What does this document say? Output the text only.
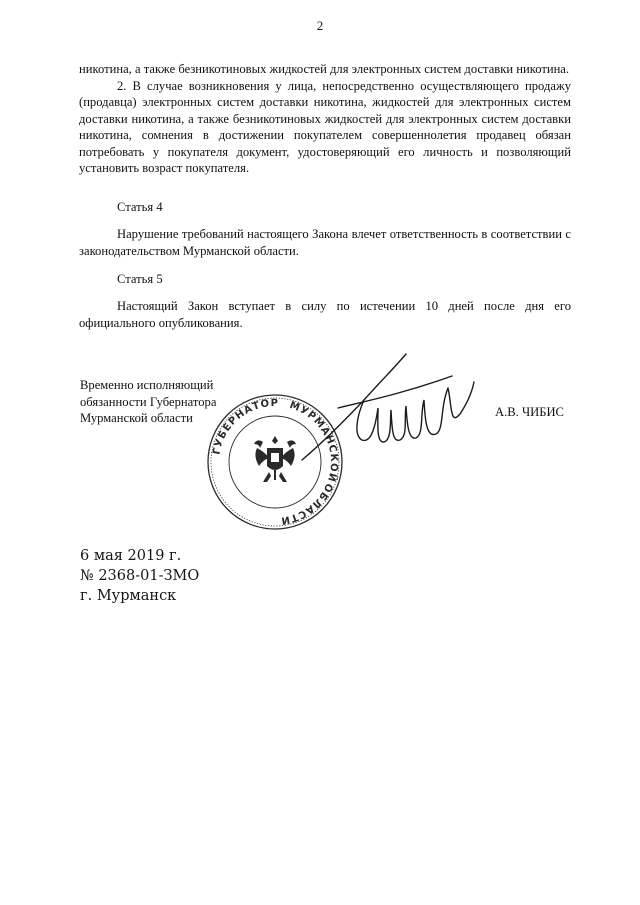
2

никотина, а также безникотиновых жидкостей для электронных систем доставки никотина.

2. В случае возникновения у лица, непосредственно осуществляющего продажу (продавца) электронных систем доставки никотина, жидкостей для электронных систем доставки никотина, а также безникотиновых жидкостей для электронных систем доставки никотина, сомнения в достижении покупателем совершеннолетия продавец обязан потребовать у покупателя документ, удостоверяющий его личность и позволяющий установить возраст покупателя.

Статья 4

Нарушение требований настоящего Закона влечет ответственность в соответствии с законодательством Мурманской области.

Статья 5

Настоящий Закон вступает в силу по истечении 10 дней после дня его официального опубликования.

Временно исполняющий
обязанности Губернатора
Мурманской области	А.В. ЧИБИС
ГУБЕРНАТОР МУРМАНСКОЙ
ОБЛАСТИ
6 мая 2019 г.
№ 2368-01-ЗМО
г. Мурманск
